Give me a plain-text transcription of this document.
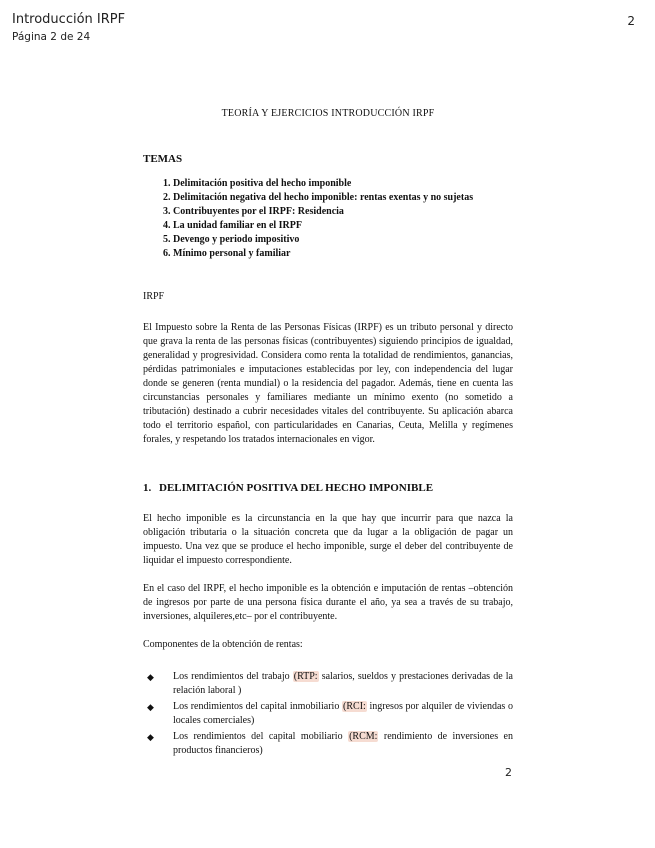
Introducción IRPF
Página 2 de 24
2
TEORÍA Y EJERCICIOS INTRODUCCIÓN IRPF
TEMAS
1. Delimitación positiva del hecho imponible
2. Delimitación negativa del hecho imponible: rentas exentas y no sujetas
3. Contribuyentes por el IRPF: Residencia
4. La unidad familiar en el IRPF
5. Devengo y periodo impositivo
6. Mínimo personal y familiar
IRPF

El Impuesto sobre la Renta de las Personas Físicas (IRPF) es un tributo personal y directo que grava la renta de las personas físicas (contribuyentes) siguiendo principios de igualdad, generalidad y progresividad. Considera como renta la totalidad de rendimientos, ganancias, pérdidas patrimoniales e imputaciones establecidas por ley, con independencia del lugar donde se generen (renta mundial) o la residencia del pagador. Además, tiene en cuenta las circunstancias personales y familiares mediante un mínimo exento (no sometido a tributación) destinado a cubrir necesidades vitales del contribuyente. Su aplicación abarca todo el territorio español, con particularidades en Canarias, Ceuta, Melilla y regímenes forales, y respetando los tratados internacionales en vigor.

1. DELIMITACIÓN POSITIVA DEL HECHO IMPONIBLE

El hecho imponible es la circunstancia en la que hay que incurrir para que nazca la obligación tributaria o la situación concreta que da lugar a la obligación de pagar un impuesto. Una vez que se produce el hecho imponible, surge el deber del contribuyente de liquidar el impuesto correspondiente.

En el caso del IRPF, el hecho imponible es la obtención e imputación de rentas –obtención de ingresos por parte de una persona física durante el año, ya sea a través de su trabajo, inversiones, alquileres,etc– por el contribuyente.

Componentes de la obtención de rentas:

◆ Los rendimientos del trabajo (RTP: salarios, sueldos y prestaciones derivadas de la relación laboral )
◆ Los rendimientos del capital inmobiliario (RCI: ingresos por alquiler de viviendas o locales comerciales)
◆ Los rendimientos del capital mobiliario (RCM: rendimiento de inversiones en productos financieros)
2
